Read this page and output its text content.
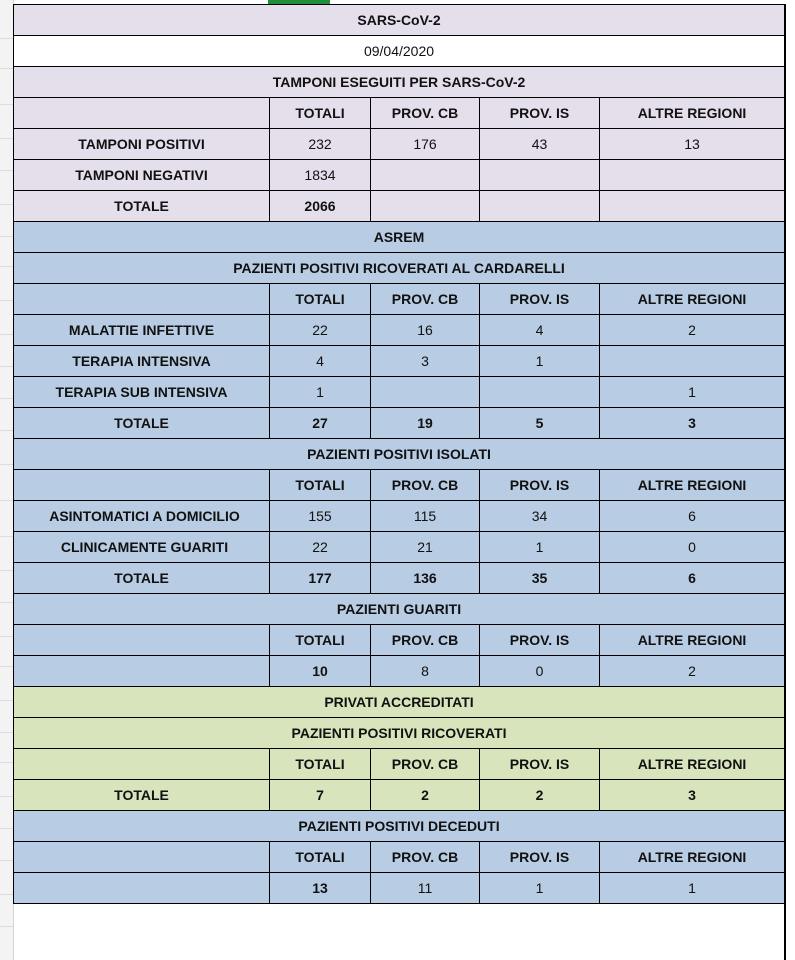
SARS-CoV-2				
09/04/2020				
TAMPONI ESEGUITI PER SARS-CoV-2				
	TOTALI	PROV. CB	PROV. IS	ALTRE REGIONI
TAMPONI POSITIVI	232	176	43	13
TAMPONI NEGATIVI	1834			
TOTALE	2066			
ASREM				
PAZIENTI POSITIVI RICOVERATI AL CARDARELLI				
	TOTALI	PROV. CB	PROV. IS	ALTRE REGIONI
MALATTIE INFETTIVE	22	16	4	2
TERAPIA INTENSIVA	4	3	1	
TERAPIA SUB INTENSIVA	1			1
TOTALE	27	19	5	3
PAZIENTI POSITIVI ISOLATI				
	TOTALI	PROV. CB	PROV. IS	ALTRE REGIONI
ASINTOMATICI A DOMICILIO	155	115	34	6
CLINICAMENTE GUARITI	22	21	1	0
TOTALE	177	136	35	6
PAZIENTI GUARITI				
	TOTALI	PROV. CB	PROV. IS	ALTRE REGIONI
	10	8	0	2
PRIVATI ACCREDITATI				
PAZIENTI POSITIVI RICOVERATI				
	TOTALI	PROV. CB	PROV. IS	ALTRE REGIONI
TOTALE	7	2	2	3
PAZIENTI POSITIVI DECEDUTI				
	TOTALI	PROV. CB	PROV. IS	ALTRE REGIONI
	13	11	1	1
